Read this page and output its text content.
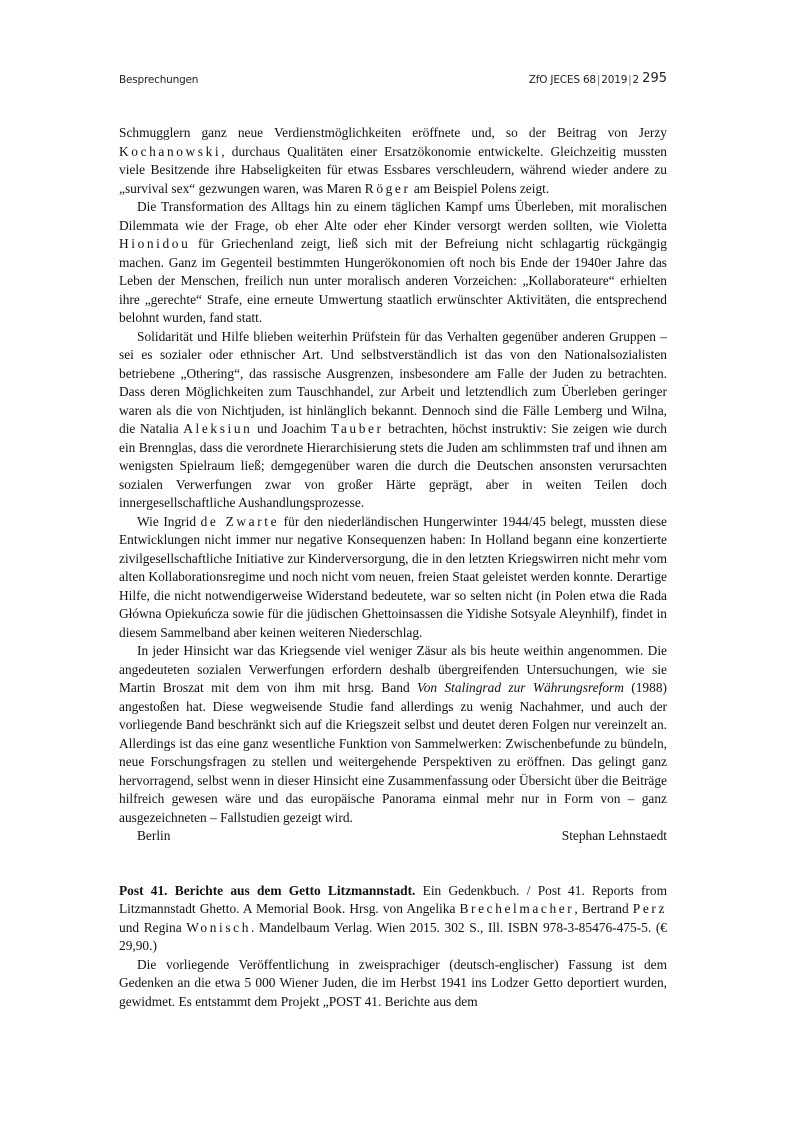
Besprechungen	ZfO JECES 68|2019|2 295

Schmugglern ganz neue Verdienstmöglichkeiten eröffnete und, so der Beitrag von Jerzy Kochanowski, durchaus Qualitäten einer Ersatzökonomie entwickelte. Gleichzeitig mussten viele Besitzende ihre Habseligkeiten für etwas Essbares verschleudern, während wieder andere zu „survival sex“ gezwungen waren, was Maren Röger am Beispiel Polens zeigt.

Die Transformation des Alltags hin zu einem täglichen Kampf ums Überleben, mit moralischen Dilemmata wie der Frage, ob eher Alte oder eher Kinder versorgt werden sollten, wie Violetta Hionidou für Griechenland zeigt, ließ sich mit der Befreiung nicht schlagartig rückgängig machen. Ganz im Gegenteil bestimmten Hungerökonomien oft noch bis Ende der 1940er Jahre das Leben der Menschen, freilich nun unter moralisch anderen Vorzeichen: „Kollaborateure“ erhielten ihre „gerechte“ Strafe, eine erneute Umwertung staatlich erwünschter Aktivitäten, die entsprechend belohnt wurden, fand statt.

Solidarität und Hilfe blieben weiterhin Prüfstein für das Verhalten gegenüber anderen Gruppen – sei es sozialer oder ethnischer Art. Und selbstverständlich ist das von den Nationalsozialisten betriebene „Othering“, das rassische Ausgrenzen, insbesondere am Falle der Juden zu betrachten. Dass deren Möglichkeiten zum Tauschhandel, zur Arbeit und letztendlich zum Überleben geringer waren als die von Nichtjuden, ist hinlänglich bekannt. Dennoch sind die Fälle Lemberg und Wilna, die Natalia Aleksiun und Joachim Tauber betrachten, höchst instruktiv: Sie zeigen wie durch ein Brennglas, dass die verordnete Hierarchisierung stets die Juden am schlimmsten traf und ihnen am wenigsten Spielraum ließ; demgegenüber waren die durch die Deutschen ansonsten verursachten sozialen Verwerfungen zwar von großer Härte geprägt, aber in weiten Teilen doch innergesellschaftliche Aushandlungsprozesse.

Wie Ingrid de Zwarte für den niederländischen Hungerwinter 1944/45 belegt, mussten diese Entwicklungen nicht immer nur negative Konsequenzen haben: In Holland begann eine konzertierte zivilgesellschaftliche Initiative zur Kinderversorgung, die in den letzten Kriegswirren nicht mehr vom alten Kollaborationsregime und noch nicht vom neuen, freien Staat geleistet werden konnte. Derartige Hilfe, die nicht notwendigerweise Widerstand bedeutete, war so selten nicht (in Polen etwa die Rada Główna Opiekuńcza sowie für die jüdischen Ghettoinsassen die Yidishe Sotsyale Aleynhilf), findet in diesem Sammelband aber keinen weiteren Niederschlag.

In jeder Hinsicht war das Kriegsende viel weniger Zäsur als bis heute weithin angenommen. Die angedeuteten sozialen Verwerfungen erfordern deshalb übergreifenden Untersuchungen, wie sie Martin Broszat mit dem von ihm mit hrsg. Band Von Stalingrad zur Währungsreform (1988) angestoßen hat. Diese wegweisende Studie fand allerdings zu wenig Nachahmer, und auch der vorliegende Band beschränkt sich auf die Kriegszeit selbst und deutet deren Folgen nur vereinzelt an. Allerdings ist das eine ganz wesentliche Funktion von Sammelwerken: Zwischenbefunde zu bündeln, neue Forschungsfragen zu stellen und weitergehende Perspektiven zu eröffnen. Das gelingt ganz hervorragend, selbst wenn in dieser Hinsicht eine Zusammenfassung oder Übersicht über die Beiträge hilfreich gewesen wäre und das europäische Panorama einmal mehr nur in Form von – ganz ausgezeichneten – Fallstudien gezeigt wird.

Berlin	Stephan Lehnstaedt

Post 41. Berichte aus dem Getto Litzmannstadt. Ein Gedenkbuch. / Post 41. Reports from Litzmannstadt Ghetto. A Memorial Book. Hrsg. von Angelika Brechelmacher, Bertrand Perz und Regina Wonisch. Mandelbaum Verlag. Wien 2015. 302 S., Ill. ISBN 978-3-85476-475-5. (€ 29,90.)

Die vorliegende Veröffentlichung in zweisprachiger (deutsch-englischer) Fassung ist dem Gedenken an die etwa 5 000 Wiener Juden, die im Herbst 1941 ins Lodzer Getto deportiert wurden, gewidmet. Es entstammt dem Projekt „POST 41. Berichte aus dem
